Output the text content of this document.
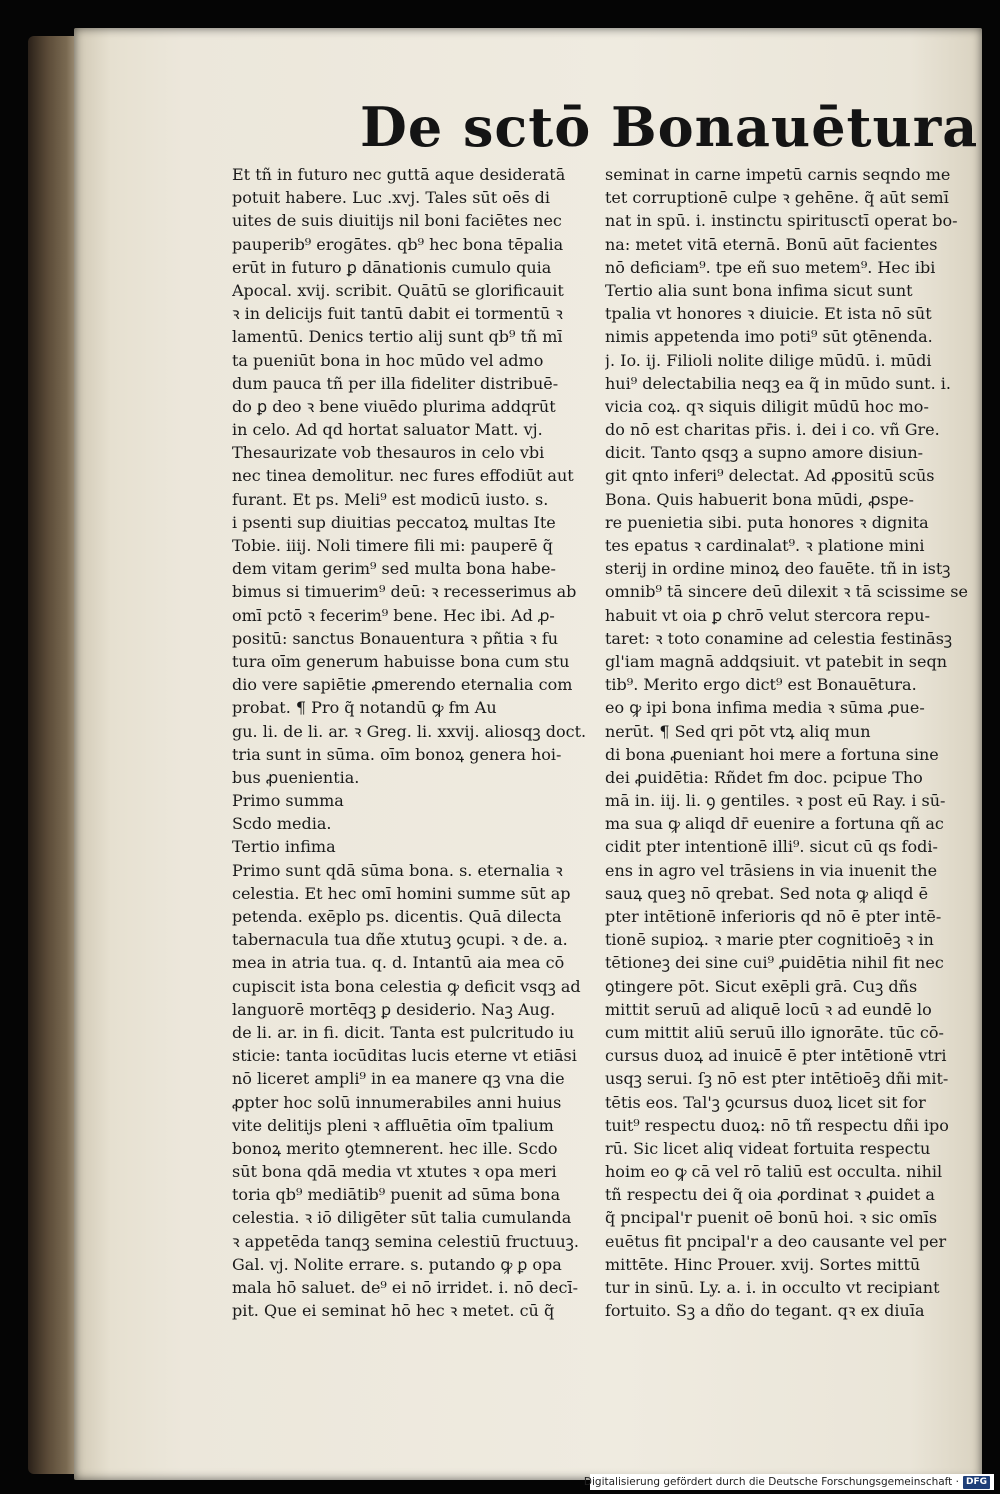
De sctō Bonauētura
Et tñ in futuro nec guttā aque desideratā
potuit habere. Luc .xvj. Tales sūt oēs di
uites de suis diuitijs nil boni faciētes nec
pauperib⁹ erogātes. qb⁹ hec bona tēpalia
erūt in futuro ꝑ dānationis cumulo quia
Apocal. xvij. scribit. Quātū se glorificauit
ꝛ in delicijs fuit tantū dabit ei tormentū ꝛ
lamentū. Denics tertio alij sunt qb⁹ tñ mī
ta pueniūt bona in hoc mūdo vel admo
dum pauca tñ per illa fideliter distribuē-
do ꝑ deo ꝛ bene viuēdo plurima addqrūt
in celo. Ad qd hortat saluator Matt. vj.
Thesaurizate vob thesauros in celo vbi
nec tinea demolitur. nec fures effodiūt aut
furant. Et ps. Meli⁹ est modicū iusto. s.
i psenti sup diuitias peccatoꝝ multas Ite
Tobie. iiij. Noli timere fili mi: pauperē q̃
dem vitam gerim⁹ sed multa bona habe-
bimus si timuerim⁹ deū: ꝛ recesserimus ab
omī pctō ꝛ fecerim⁹ bene. Hec ibi. Ad ꝓ-
positū: sanctus Bonauentura ꝛ pñtia ꝛ fu
tura oīm generum habuisse bona cum stu
dio vere sapiētie ꝓmerendo eternalia com
probat. ¶ Pro q̃ notandū ꝙ fm Au
gu. li. de li. ar. ꝛ Greg. li. xxvij. aliosqꝫ doct.
tria sunt in sūma. oīm bonoꝝ genera hoi-
bus ꝓuenientia.
Primo summa
Scdo media.
Tertio infima
Primo sunt qdā sūma bona. s. eternalia ꝛ
celestia. Et hec omī homini summe sūt ap
petenda. exēplo ps. dicentis. Quā dilecta
tabernacula tua dñe xtutuꝫ ꝯcupi. ꝛ de. a.
mea in atria tua. q. d. Intantū aia mea cō
cupiscit ista bona celestia ꝙ deficit vsqꝫ ad
languorē mortēqꝫ ꝑ desiderio. Naꝫ Aug.
de li. ar. in fi. dicit. Tanta est pulcritudo iu
sticie: tanta iocūditas lucis eterne vt etiāsi
nō liceret ampli⁹ in ea manere qꝫ vna die
ꝓpter hoc solū innumerabiles anni huius
vite delitijs pleni ꝛ affluētia oīm tpalium
bonoꝝ merito ꝯtemnerent. hec ille. Scdo
sūt bona qdā media vt xtutes ꝛ opa meri
toria qb⁹ mediātib⁹ puenit ad sūma bona
celestia. ꝛ iō diligēter sūt talia cumulanda
ꝛ appetēda tanqꝫ semina celestiū fructuuꝫ.
Gal. vj. Nolite errare. s. putando ꝙ ꝑ opa
mala hō saluet. de⁹ ei nō irridet. i. nō decī-
pit. Que ei seminat hō hec ꝛ metet. cū q̃
seminat in carne impetū carnis seqndo me
tet corruptionē culpe ꝛ gehēne. q̃ aūt semī
nat in spū. i. instinctu spiritusctī operat bo-
na: metet vitā eternā. Bonū aūt facientes
nō deficiam⁹. tpe eñ suo metem⁹. Hec ibi
Tertio alia sunt bona infima sicut sunt
tpalia vt honores ꝛ diuicie. Et ista nō sūt
nimis appetenda imo poti⁹ sūt ꝯtēnenda.
j. Io. ij. Filioli nolite dilige mūdū. i. mūdi
hui⁹ delectabilia neqꝫ ea q̃ in mūdo sunt. i.
vicia coꝝ. qꝛ siquis diligit mūdū hoc mo-
do nō est charitas pr̄is. i. dei i co. vñ Gre.
dicit. Tanto qsqꝫ a supno amore disiun-
git qnto inferi⁹ delectat. Ad ꝓpositū scūs
Bona. Quis habuerit bona mūdi, ꝓspe-
re puenietia sibi. puta honores ꝛ dignita
tes epatus ꝛ cardinalat⁹. ꝛ platione mini
sterij in ordine minoꝝ deo fauēte. tñ in istꝫ
omnib⁹ tā sincere deū dilexit ꝛ tā scissime se
habuit vt oia ꝑ chrō velut stercora repu-
taret: ꝛ toto conamine ad celestia festināsꝫ
gl'iam magnā addqsiuit. vt patebit in seqn
tib⁹. Merito ergo dict⁹ est Bonauētura.
eo ꝙ ipi bona infima media ꝛ sūma ꝓue-
nerūt. ¶ Sed qri pōt vtꝝ aliq mun
di bona ꝓueniant hoi mere a fortuna sine
dei ꝓuidētia: Rñdet fm doc. pcipue Tho
mā in. iij. li. ꝯ gentiles. ꝛ post eū Ray. i sū-
ma sua ꝙ aliqd dr̄ euenire a fortuna qñ ac
cidit pter intentionē illi⁹. sicut cū qs fodi-
ens in agro vel trāsiens in via inuenit the
sauꝝ queꝫ nō qrebat. Sed nota ꝙ aliqd ē
pter intētionē inferioris qd nō ē pter intē-
tionē supioꝝ. ꝛ marie pter cognitioēꝫ ꝛ in
tētioneꝫ dei sine cui⁹ ꝓuidētia nihil fit nec
ꝯtingere pōt. Sicut exēpli grā. Cuꝫ dñs
mittit seruū ad aliquē locū ꝛ ad eundē lo
cum mittit aliū seruū illo ignorāte. tūc cō-
cursus duoꝝ ad inuicē ē pter intētionē vtri
usqꝫ serui. ſꝫ nō est pter intētioēꝫ dñi mit-
tētis eos. Tal'ꝫ ꝯcursus duoꝝ licet sit for
tuit⁹ respectu duoꝝ: nō tñ respectu dñi ipo
rū. Sic licet aliq videat fortuita respectu
hoim eo ꝙ cā vel rō taliū est occulta. nihil
tñ respectu dei q̃ oia ꝓordinat ꝛ ꝓuidet a
q̃ pncipal'r puenit oē bonū hoi. ꝛ sic omīs
euētus fit pncipal'r a deo causante vel per
mittēte. Hinc Prouer. xvij. Sortes mittū
tur in sinū. Ly. a. i. in occulto vt recipiant
fortuito. Sꝫ a dño do tegant. qꝛ ex diuīa
Digitalisierung gefördert durch die Deutsche Forschungsgemeinschaft · DFG
